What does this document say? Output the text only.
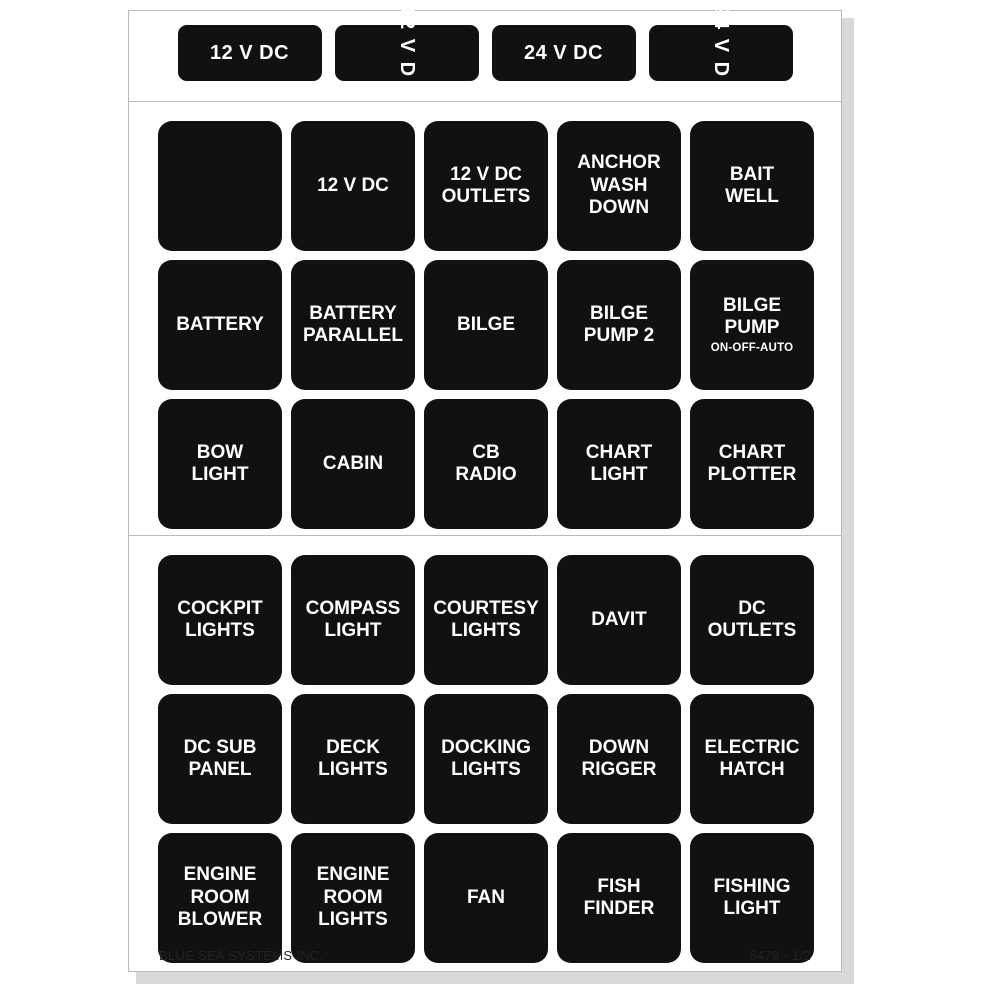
12 V DC	12 V D C	24 V DC	24 V D C
12 V DC
12 V DC
OUTLETS
ANCHOR
WASH
DOWN
BAIT
WELL
BATTERY
BATTERY
PARALLEL
BILGE
BILGE
PUMP 2
BILGE
PUMP
ON-OFF-AUTO
BOW
LIGHT
CABIN
CB
RADIO
CHART
LIGHT
CHART
PLOTTER
COCKPIT
LIGHTS
COMPASS
LIGHT
COURTESY
LIGHTS
DAVIT
DC
OUTLETS
DC SUB
PANEL
DECK
LIGHTS
DOCKING
LIGHTS
DOWN
RIGGER
ELECTRIC
HATCH
ENGINE
ROOM
BLOWER
ENGINE
ROOM
LIGHTS
FAN
FISH
FINDER
FISHING
LIGHT
BLUE SEA SYSTEMS INC.	6479 - 1/2
